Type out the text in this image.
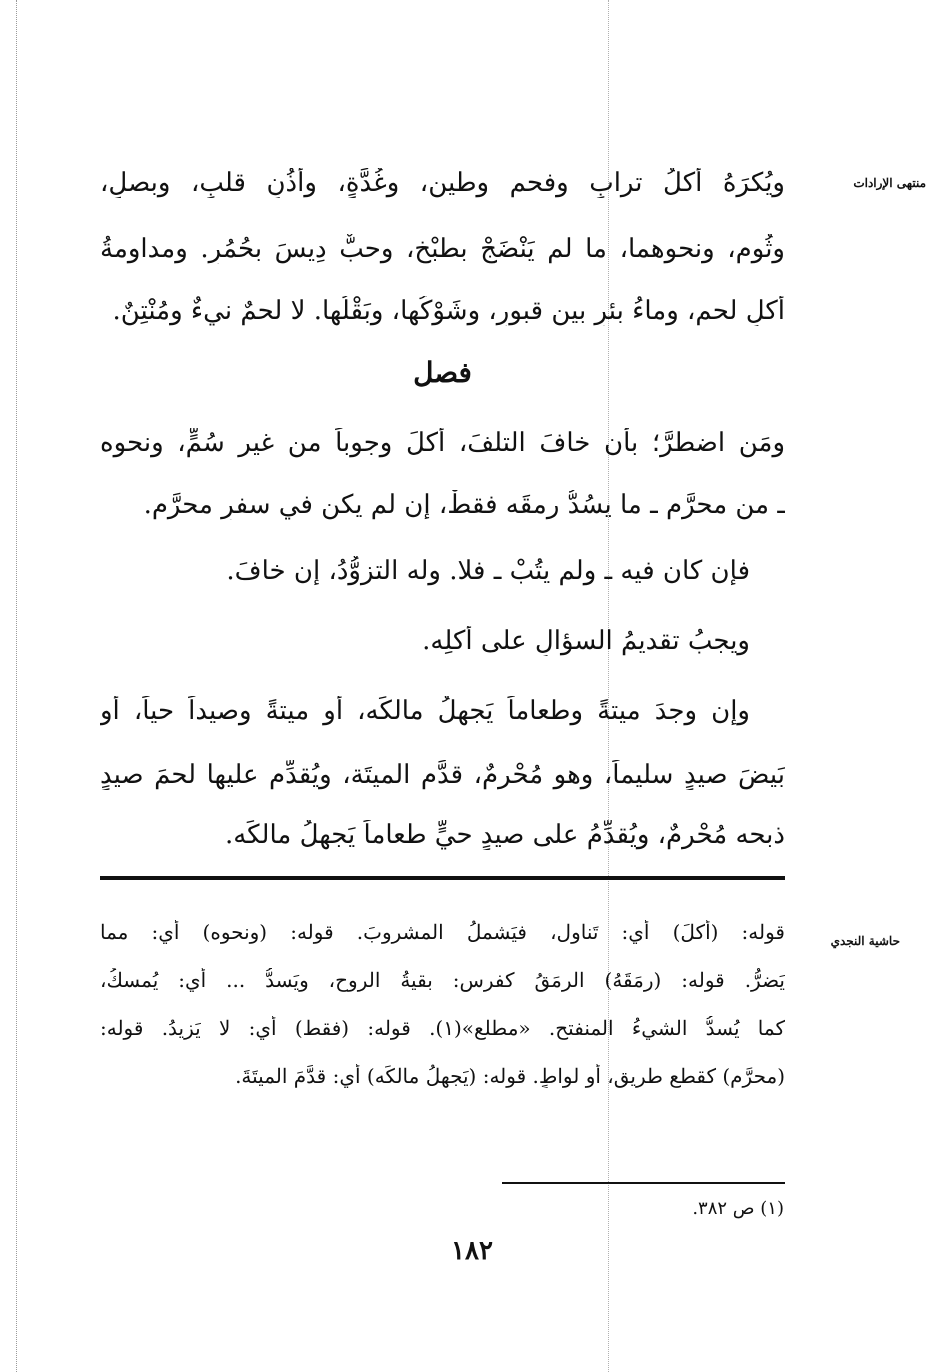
منتهى الإرادات
ويُكرَهُ أكلُ ترابٍ وفحمٍ وطينٍ، وغُدَّةٍ، وأُذُنِ قلبٍ، وبصلٍ،
وثُومٍ، ونحوِهما، ما لم يَنْضَجْ بطبْخٍ، وحبٌّ دِيسَ بحُمُرٍ. ومداومةُ
أكلِ لحمٍ، وماءُ بئرٍ بين قبورٍ، وشَوْكُها، وبَقْلُها. لا لحمٌ نيءٌ ومُنْتِنٌ.
فصل
ومَنِ اضطرَّ؛ بأن خافَ التلفَ، أكلَ وجوباً من غير سُمٍّ، ونحوِه
ـ من محرَّمٍ ـ ما يسُدُّ رمقَه فقطْ، إن لم يكن في سفرٍ محرَّمٍ.
فإن كان فيه ـ ولم يتُبْ ـ فلا. وله التزوُّدُ، إن خافَ.
ويجبُ تقديمُ السؤالِ على أكلِه.
وإن وجدَ ميتةً وطعاماً يَجهلُ مالكَه، أو ميتةً وصيداً حياً، أو
بَيضَ صيدٍ سليماً، وهو مُحْرِمٌ، قدَّم الميتَة، ويُقدِّم عليها لحمَ صيدٍ
ذبحه مُحْرِمٌ، ويُقدِّمُ على صيدٍ حيٍّ طعاماً يَجهلُ مالكَه.
حاشية النجدي
قوله: (أكلَ) أي: تَناول، فيَشملُ المشروبَ. قوله: (ونحوِه) أي: مما
يَضرُّ. قوله: (رمَقَهُ) الرمَقُ كفرسٍ: بقيةُ الروحِ، ويَسدُّ ... أي: يُمسكُ،
كما يُسدُّ الشيءُ المنفتحِ. «مطلع»(١). قوله: (فقط) أي: لا يَزيدُ. قوله:
(محرَّمٍ) كقطعِ طريقٍ، أو لواطٍ. قوله: (يَجهلُ مالكَه) أي: قدَّمَ الميتَةَ.
(١) ص ٣٨٢.
١٨٢
